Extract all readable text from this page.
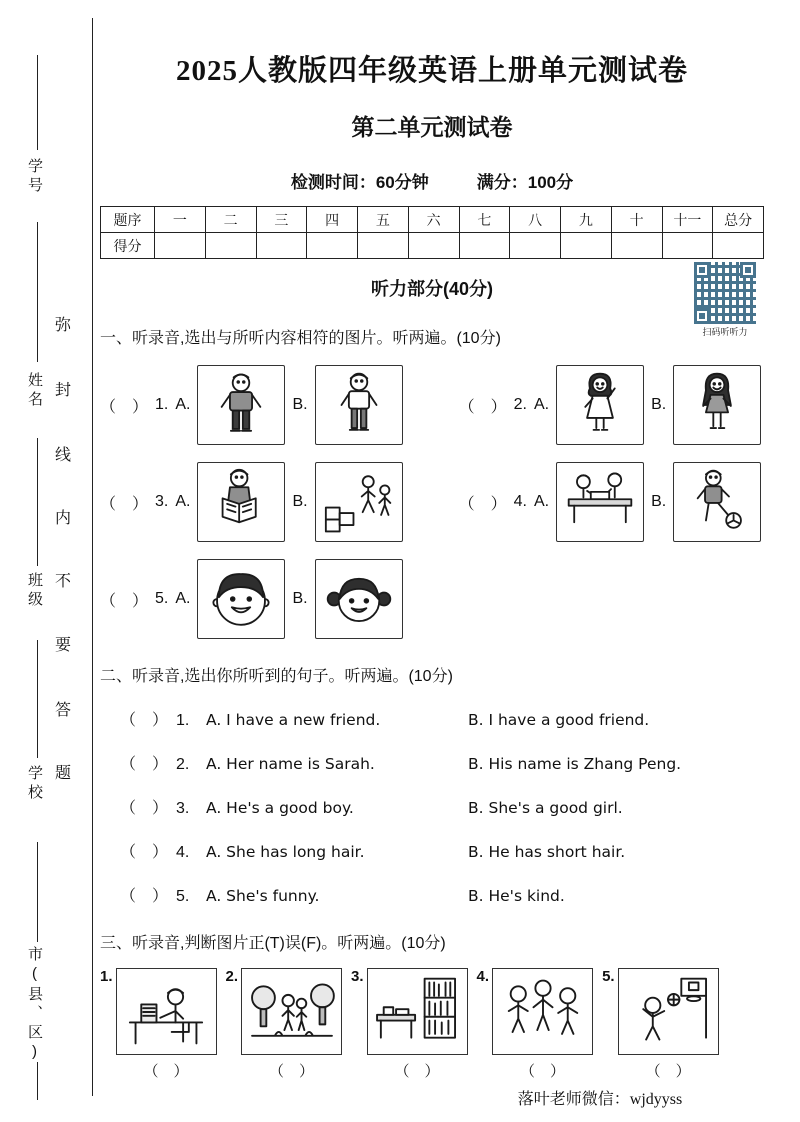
学号
姓名
班级
学校
市(县、区)
弥
封
线
内
不
要
答
题
2025人教版四年级英语上册单元测试卷
第二单元测试卷
检测时间：60分钟	满分：100分
题序	一	二	三	四	五	六	七	八	九	十	十一	总分
得分												
听力部分(40分)
一、听录音,选出与所听内容相符的图片。听两遍。(10分)
（　） 1. A.	B.	（　） 2. A.	B.
（　） 3. A.	B.	（　） 4. A.	B.
（　） 5. A.	B.
二、听录音,选出你所听到的句子。听两遍。(10分)
（　） 1.	A. I have a new friend.	B. I have a good friend.
（　） 2.	A. Her name is Sarah.	B. His name is Zhang Peng.
（　） 3.	A. He's a good boy.	B. She's a good girl.
（　） 4.	A. She has long hair.	B. He has short hair.
（　） 5.	A. She's funny.	B. He's kind.
三、听录音,判断图片正(T)误(F)。听两遍。(10分)
1.
（　）
2.
（　）
3.
（　）
4.
（　）
5.
（　）
扫码听听力
落叶老师微信：wjdyyss
